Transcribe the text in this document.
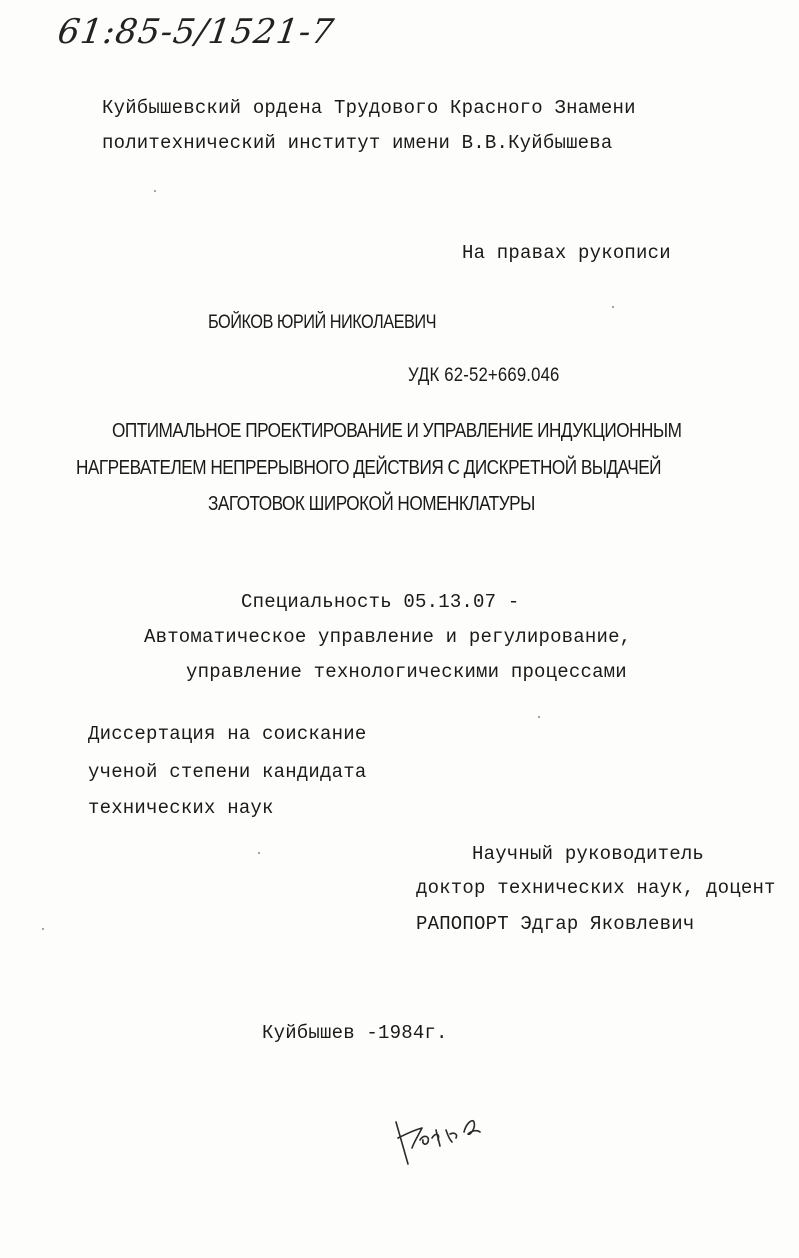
61:85-5/1521-7
Куйбышевский ордена Трудового Красного Знамени
политехнический институт имени В.В.Куйбышева
На правах рукописи
БОЙКОВ ЮРИЙ НИКОЛАЕВИЧ
УДК 62-52+669.046
ОПТИМАЛЬНОЕ ПРОЕКТИРОВАНИЕ И УПРАВЛЕНИЕ ИНДУКЦИОННЫМ
НАГРЕВАТЕЛЕМ НЕПРЕРЫВНОГО ДЕЙСТВИЯ С ДИСКРЕТНОЙ ВЫДАЧЕЙ
ЗАГОТОВОК ШИРОКОЙ НОМЕНКЛАТУРЫ
Специальность 05.13.07 -
Автоматическое управление и регулирование,
управление технологическими процессами
Диссертация на соискание
ученой степени кандидата
технических наук
Научный руководитель
доктор технических наук, доцент
РАПОПОРТ Эдгар Яковлевич
Куйбышев -1984г.
